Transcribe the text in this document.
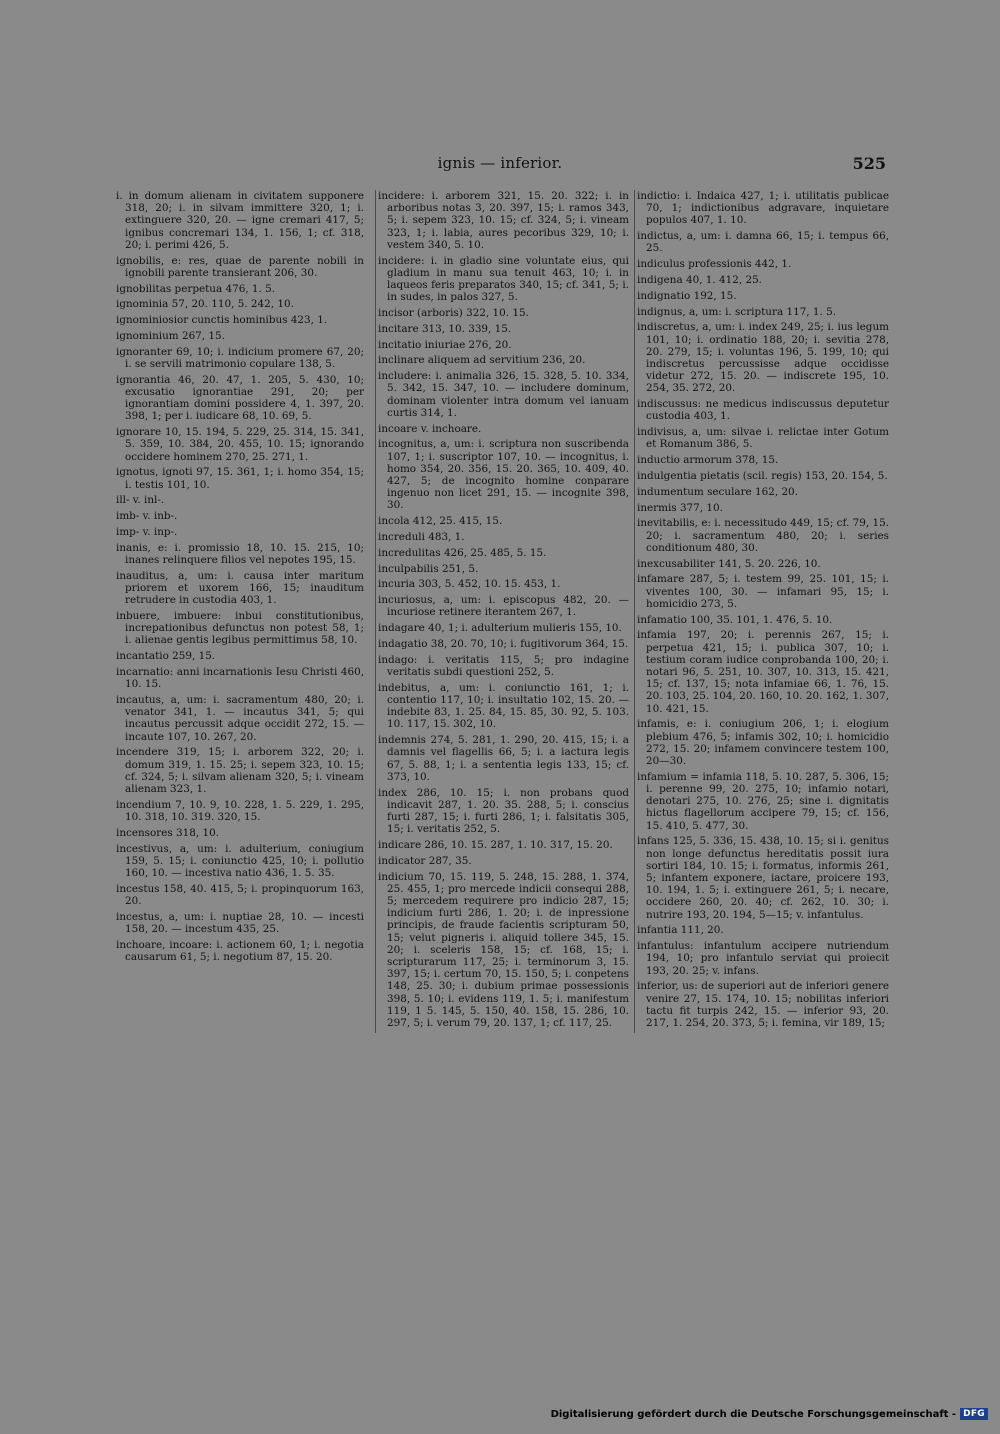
ignis — inferior.	525
i. in domum alienam in civitatem supponere 318, 20; i. in silvam immittere 320, 1; i. extinguere 320, 20. — igne cremari 417, 5; ignibus concremari 134, 1. 156, 1; cf. 318, 20; i. perimi 426, 5.
ignobilis, e: res, quae de parente nobili in ignobili parente transierant 206, 30.
ignobilitas perpetua 476, 1. 5.
ignominia 57, 20. 110, 5. 242, 10.
ignominiosior cunctis hominibus 423, 1.
ignominium 267, 15.
ignoranter 69, 10; i. indicium promere 67, 20; i. se servili matrimonio copulare 138, 5.
ignorantia 46, 20. 47, 1. 205, 5. 430, 10; excusatio ignorantiae 291, 20; per ignorantiam domini possidere 4, 1. 397, 20. 398, 1; per i. iudicare 68, 10. 69, 5.
ignorare 10, 15. 194, 5. 229, 25. 314, 15. 341, 5. 359, 10. 384, 20. 455, 10. 15; ignorando occidere hominem 270, 25. 271, 1.
ignotus, ignoti 97, 15. 361, 1; i. homo 354, 15; i. testis 101, 10.
ill- v. inl-.
imb- v. inb-.
imp- v. inp-.
inanis, e: i. promissio 18, 10. 15. 215, 10; inanes relinquere filios vel nepotes 195, 15.
inauditus, a, um: i. causa inter maritum priorem et uxorem 166, 15; inauditum retrudere in custodia 403, 1.
inbuere, imbuere: inbui constitutionibus, increpationibus defunctus non potest 58, 1; i. alienae gentis legibus permittimus 58, 10.
incantatio 259, 15.
incarnatio: anni incarnationis Iesu Christi 460, 10. 15.
incautus, a, um: i. sacramentum 480, 20; i. venator 341, 1. — incautus 341, 5; qui incautus percussit adque occidit 272, 15. — incaute 107, 10. 267, 20.
incendere 319, 15; i. arborem 322, 20; i. domum 319, 1. 15. 25; i. sepem 323, 10. 15; cf. 324, 5; i. silvam alienam 320, 5; i. vineam alienam 323, 1.
incendium 7, 10. 9, 10. 228, 1. 5. 229, 1. 295, 10. 318, 10. 319. 320, 15.
incensores 318, 10.
incestivus, a, um: i. adulterium, coniugium 159, 5. 15; i. coniunctio 425, 10; i. pollutio 160, 10. — incestiva natio 436, 1. 5. 35.
incestus 158, 40. 415, 5; i. propinquorum 163, 20.
incestus, a, um: i. nuptiae 28, 10. — incesti 158, 20. — incestum 435, 25.
inchoare, incoare: i. actionem 60, 1; i. negotia causarum 61, 5; i. negotium 87, 15. 20.
incidere: i. arborem 321, 15. 20. 322; i. in arboribus notas 3, 20. 397, 15; i. ramos 343, 5; i. sepem 323, 10. 15; cf. 324, 5; i. vineam 323, 1; i. labia, aures pecoribus 329, 10; i. vestem 340, 5. 10.
incidere: i. in gladio sine voluntate eius, qui gladium in manu sua tenuit 463, 10; i. in laqueos feris preparatos 340, 15; cf. 341, 5; i. in sudes, in palos 327, 5.
incisor (arboris) 322, 10. 15.
incitare 313, 10. 339, 15.
incitatio iniuriae 276, 20.
inclinare aliquem ad servitium 236, 20.
includere: i. animalia 326, 15. 328, 5. 10. 334, 5. 342, 15. 347, 10. — includere dominum, dominam violenter intra domum vel ianuam curtis 314, 1.
incoare v. inchoare.
incognitus, a, um: i. scriptura non suscribenda 107, 1; i. suscriptor 107, 10. — incognitus, i. homo 354, 20. 356, 15. 20. 365, 10. 409, 40. 427, 5; de incognito homine conparare ingenuo non licet 291, 15. — incognite 398, 30.
incola 412, 25. 415, 15.
increduli 483, 1.
incredulitas 426, 25. 485, 5. 15.
inculpabilis 251, 5.
incuria 303, 5. 452, 10. 15. 453, 1.
incuriosus, a, um: i. episcopus 482, 20. — incuriose retinere iterantem 267, 1.
indagare 40, 1; i. adulterium mulieris 155, 10.
indagatio 38, 20. 70, 10; i. fugitivorum 364, 15.
indago: i. veritatis 115, 5; pro indagine veritatis subdi questioni 252, 5.
indebitus, a, um: i. coniunctio 161, 1; i. contentio 117, 10; i. insultatio 102, 15. 20. — indebite 83, 1. 25. 84, 15. 85, 30. 92, 5. 103. 10. 117, 15. 302, 10.
indemnis 274, 5. 281, 1. 290, 20. 415, 15; i. a damnis vel flagellis 66, 5; i. a iactura legis 67, 5. 88, 1; i. a sententia legis 133, 15; cf. 373, 10.
index 286, 10. 15; i. non probans quod indicavit 287, 1. 20. 35. 288, 5; i. conscius furti 287, 15; i. furti 286, 1; i. falsitatis 305, 15; i. veritatis 252, 5.
indicare 286, 10. 15. 287, 1. 10. 317, 15. 20.
indicator 287, 35.
indicium 70, 15. 119, 5. 248, 15. 288, 1. 374, 25. 455, 1; pro mercede indicii consequi 288, 5; mercedem requirere pro indicio 287, 15; indicium furti 286, 1. 20; i. de inpressione principis, de fraude facientis scripturam 50, 15; velut pigneris i. aliquid tollere 345, 15. 20; i. sceleris 158, 15; cf. 168, 15; i. scripturarum 117, 25; i. terminorum 3, 15. 397, 15; i. certum 70, 15. 150, 5; i. conpetens 148, 25. 30; i. dubium primae possessionis 398, 5. 10; i. evidens 119, 1. 5; i. manifestum 119, 1 5. 145, 5. 150, 40. 158, 15. 286, 10. 297, 5; i. verum 79, 20. 137, 1; cf. 117, 25.
indictio: i. Indaica 427, 1; i. utilitatis publicae 70, 1; indictionibus adgravare, inquietare populos 407, 1. 10.
indictus, a, um: i. damna 66, 15; i. tempus 66, 25.
indiculus professionis 442, 1.
indigena 40, 1. 412, 25.
indignatio 192, 15.
indignus, a, um: i. scriptura 117, 1. 5.
indiscretus, a, um: i. index 249, 25; i. ius legum 101, 10; i. ordinatio 188, 20; i. sevitia 278, 20. 279, 15; i. voluntas 196, 5. 199, 10; qui indiscretus percussisse adque occidisse videtur 272, 15. 20. — indiscrete 195, 10. 254, 35. 272, 20.
indiscussus: ne medicus indiscussus deputetur custodia 403, 1.
indivisus, a, um: silvae i. relictae inter Gotum et Romanum 386, 5.
inductio armorum 378, 15.
indulgentia pietatis (scil. regis) 153, 20. 154, 5.
indumentum seculare 162, 20.
inermis 377, 10.
inevitabilis, e: i. necessitudo 449, 15; cf. 79, 15. 20; i. sacramentum 480, 20; i. series conditionum 480, 30.
inexcusabiliter 141, 5. 20. 226, 10.
infamare 287, 5; i. testem 99, 25. 101, 15; i. viventes 100, 30. — infamari 95, 15; i. homicidio 273, 5.
infamatio 100, 35. 101, 1. 476, 5. 10.
infamia 197, 20; i. perennis 267, 15; i. perpetua 421, 15; i. publica 307, 10; i. testium coram iudice conprobanda 100, 20; i. notari 96, 5. 251, 10. 307, 10. 313, 15. 421, 15; cf. 137, 15; nota infamiae 66, 1. 76, 15. 20. 103, 25. 104, 20. 160, 10. 20. 162, 1. 307, 10. 421, 15.
infamis, e: i. coniugium 206, 1; i. elogium plebium 476, 5; infamis 302, 10; i. homicidio 272, 15. 20; infamem convincere testem 100, 20—30.
infamium = infamia 118, 5. 10. 287, 5. 306, 15; i. perenne 99, 20. 275, 10; infamio notari, denotari 275, 10. 276, 25; sine i. dignitatis hictus flagellorum accipere 79, 15; cf. 156, 15. 410, 5. 477, 30.
infans 125, 5. 336, 15. 438, 10. 15; si i. genitus non longe defunctus hereditatis possit iura sortiri 184, 10. 15; i. formatus, informis 261, 5; infantem exponere, iactare, proicere 193, 10. 194, 1. 5; i. extinguere 261, 5; i. necare, occidere 260, 20. 40; cf. 262, 10. 30; i. nutrire 193, 20. 194, 5—15; v. infantulus.
infantia 111, 20.
infantulus: infantulum accipere nutriendum 194, 10; pro infantulo serviat qui proiecit 193, 20. 25; v. infans.
inferior, us: de superiori aut de inferiori genere venire 27, 15. 174, 10. 15; nobilitas inferiori tactu fit turpis 242, 15. — inferior 93, 20. 217, 1. 254, 20. 373, 5; i. femina, vir 189, 15;
Digitalisierung gefördert durch die Deutsche Forschungsgemeinschaft - DFG
